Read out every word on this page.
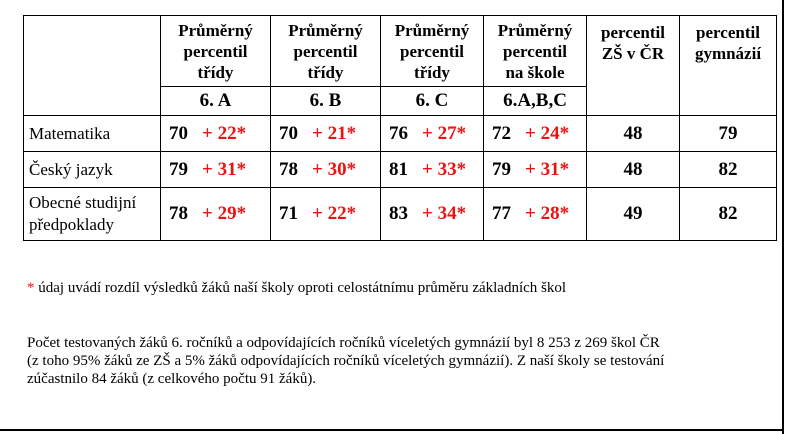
	Průměrný
percentil
třídy	Průměrný
percentil
třídy	Průměrný
percentil
třídy	Průměrný
percentil
na škole	percentil
ZŠ v ČR	percentil
gymnázií
	6. A	6. B	6. C	6.A,B,C		
Matematika	70 + 22*	70 + 21*	76 + 27*	72 + 24*	48	79
Český jazyk	79 + 31*	78 + 30*	81 + 33*	79 + 31*	48	82
Obecné studijní
předpoklady	78 + 29*	71 + 22*	83 + 34*	77 + 28*	49	82
* údaj uvádí rozdíl výsledků žáků naší školy oproti celostátnímu průměru základních škol
Počet testovaných žáků 6. ročníků a odpovídajících ročníků víceletých gymnázií byl 8 253 z 269 škol ČR
(z toho 95% žáků ze ZŠ a 5% žáků odpovídajících ročníků víceletých gymnázií). Z naší školy se testování
zúčastnilo 84 žáků (z celkového počtu 91 žáků).
